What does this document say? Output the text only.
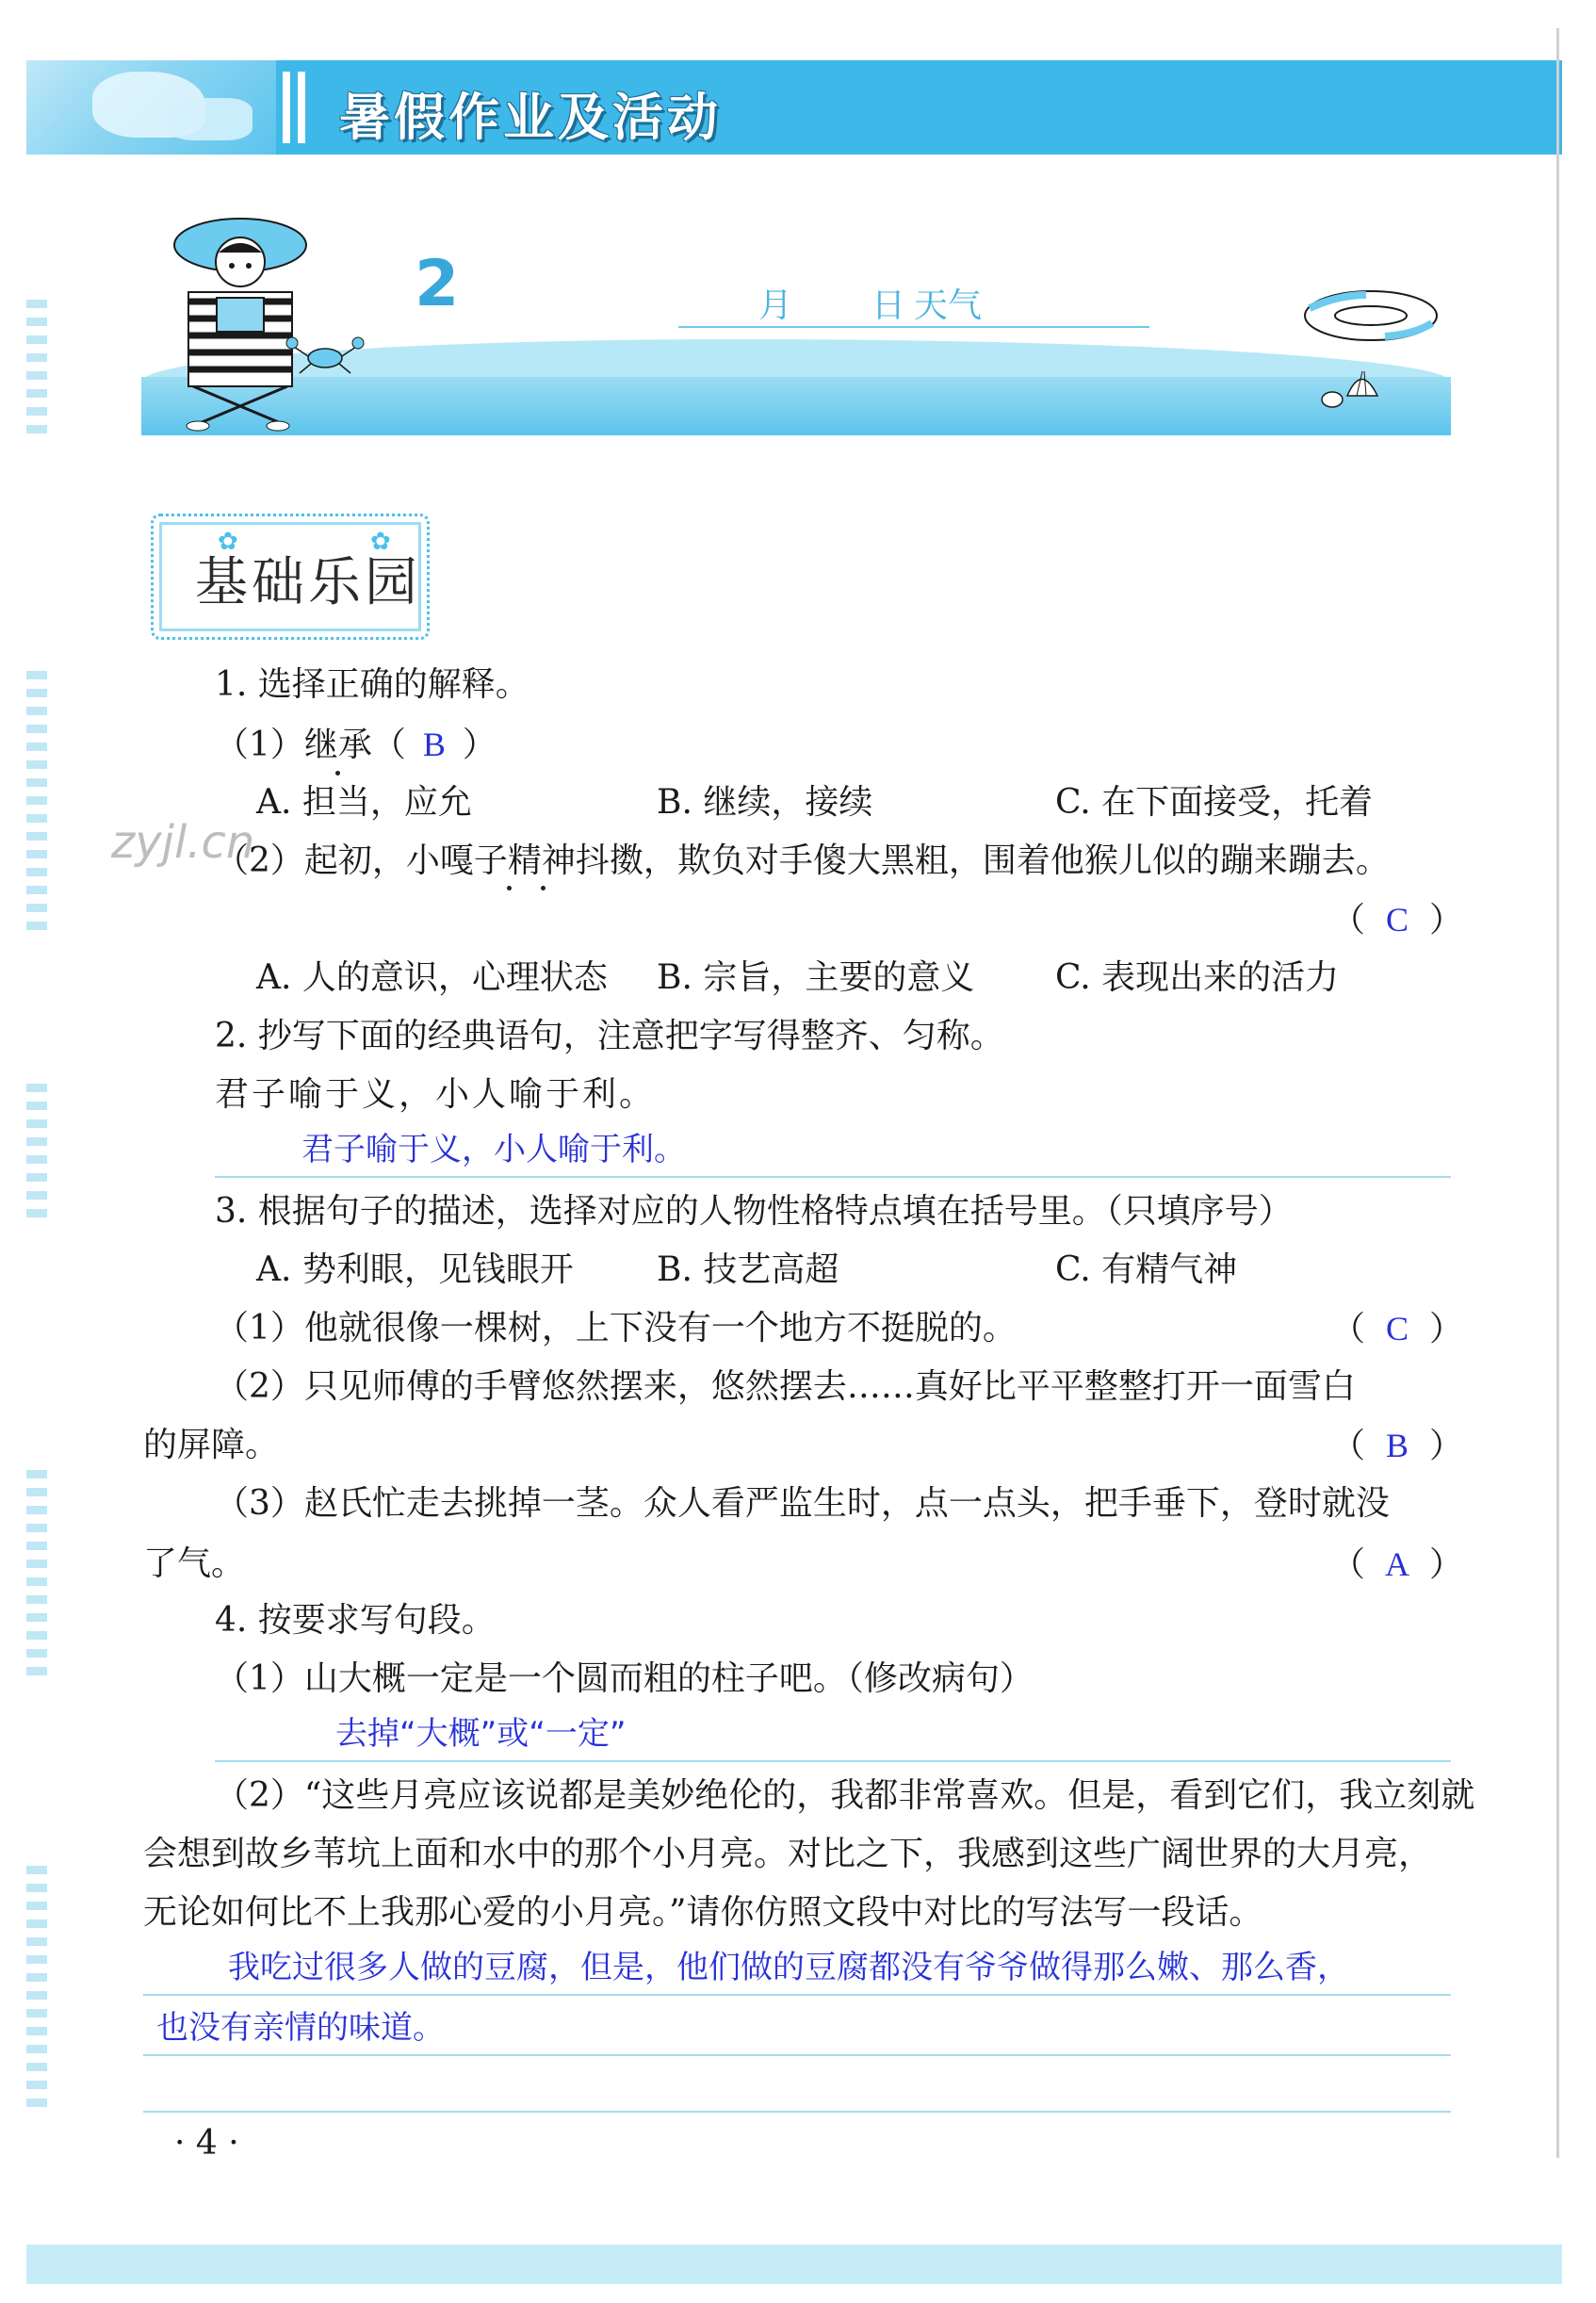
暑假作业及活动
2	月 日 天气
✿	✿
基础乐园
zyjl.cn
1. 选择正确的解释。
（1）继承（ B ）
A. 担当，应允	B. 继续，接续	C. 在下面接受，托着
（2）起初，小嘎子精神抖擞，欺负对手傻大黑粗，围着他猴儿似的蹦来蹦去。
（ C ）
A. 人的意识，心理状态 B. 宗旨，主要的意义 C. 表现出来的活力
2. 抄写下面的经典语句，注意把字写得整齐、匀称。
君子喻于义，小人喻于利。
君子喻于义，小人喻于利。
3. 根据句子的描述，选择对应的人物性格特点填在括号里。（只填序号）
A. 势利眼，见钱眼开 B. 技艺高超	C. 有精气神
（1）他就很像一棵树，上下没有一个地方不挺脱的。	（ C ）
（2）只见师傅的手臂悠然摆来，悠然摆去……真好比平平整整打开一面雪白
的屏障。	（ B ）
（3）赵氏忙走去挑掉一茎。众人看严监生时，点一点头，把手垂下，登时就没
了气。	（ A ）
4. 按要求写句段。
（1）山大概一定是一个圆而粗的柱子吧。（修改病句）
去掉“大概”或“一定”
（2）“这些月亮应该说都是美妙绝伦的，我都非常喜欢。但是，看到它们，我立刻就
会想到故乡苇坑上面和水中的那个小月亮。对比之下，我感到这些广阔世界的大月亮，
无论如何比不上我那心爱的小月亮。”请你仿照文段中对比的写法写一段话。
我吃过很多人做的豆腐，但是，他们做的豆腐都没有爷爷做得那么嫩、那么香，
也没有亲情的味道。
· 4 ·
